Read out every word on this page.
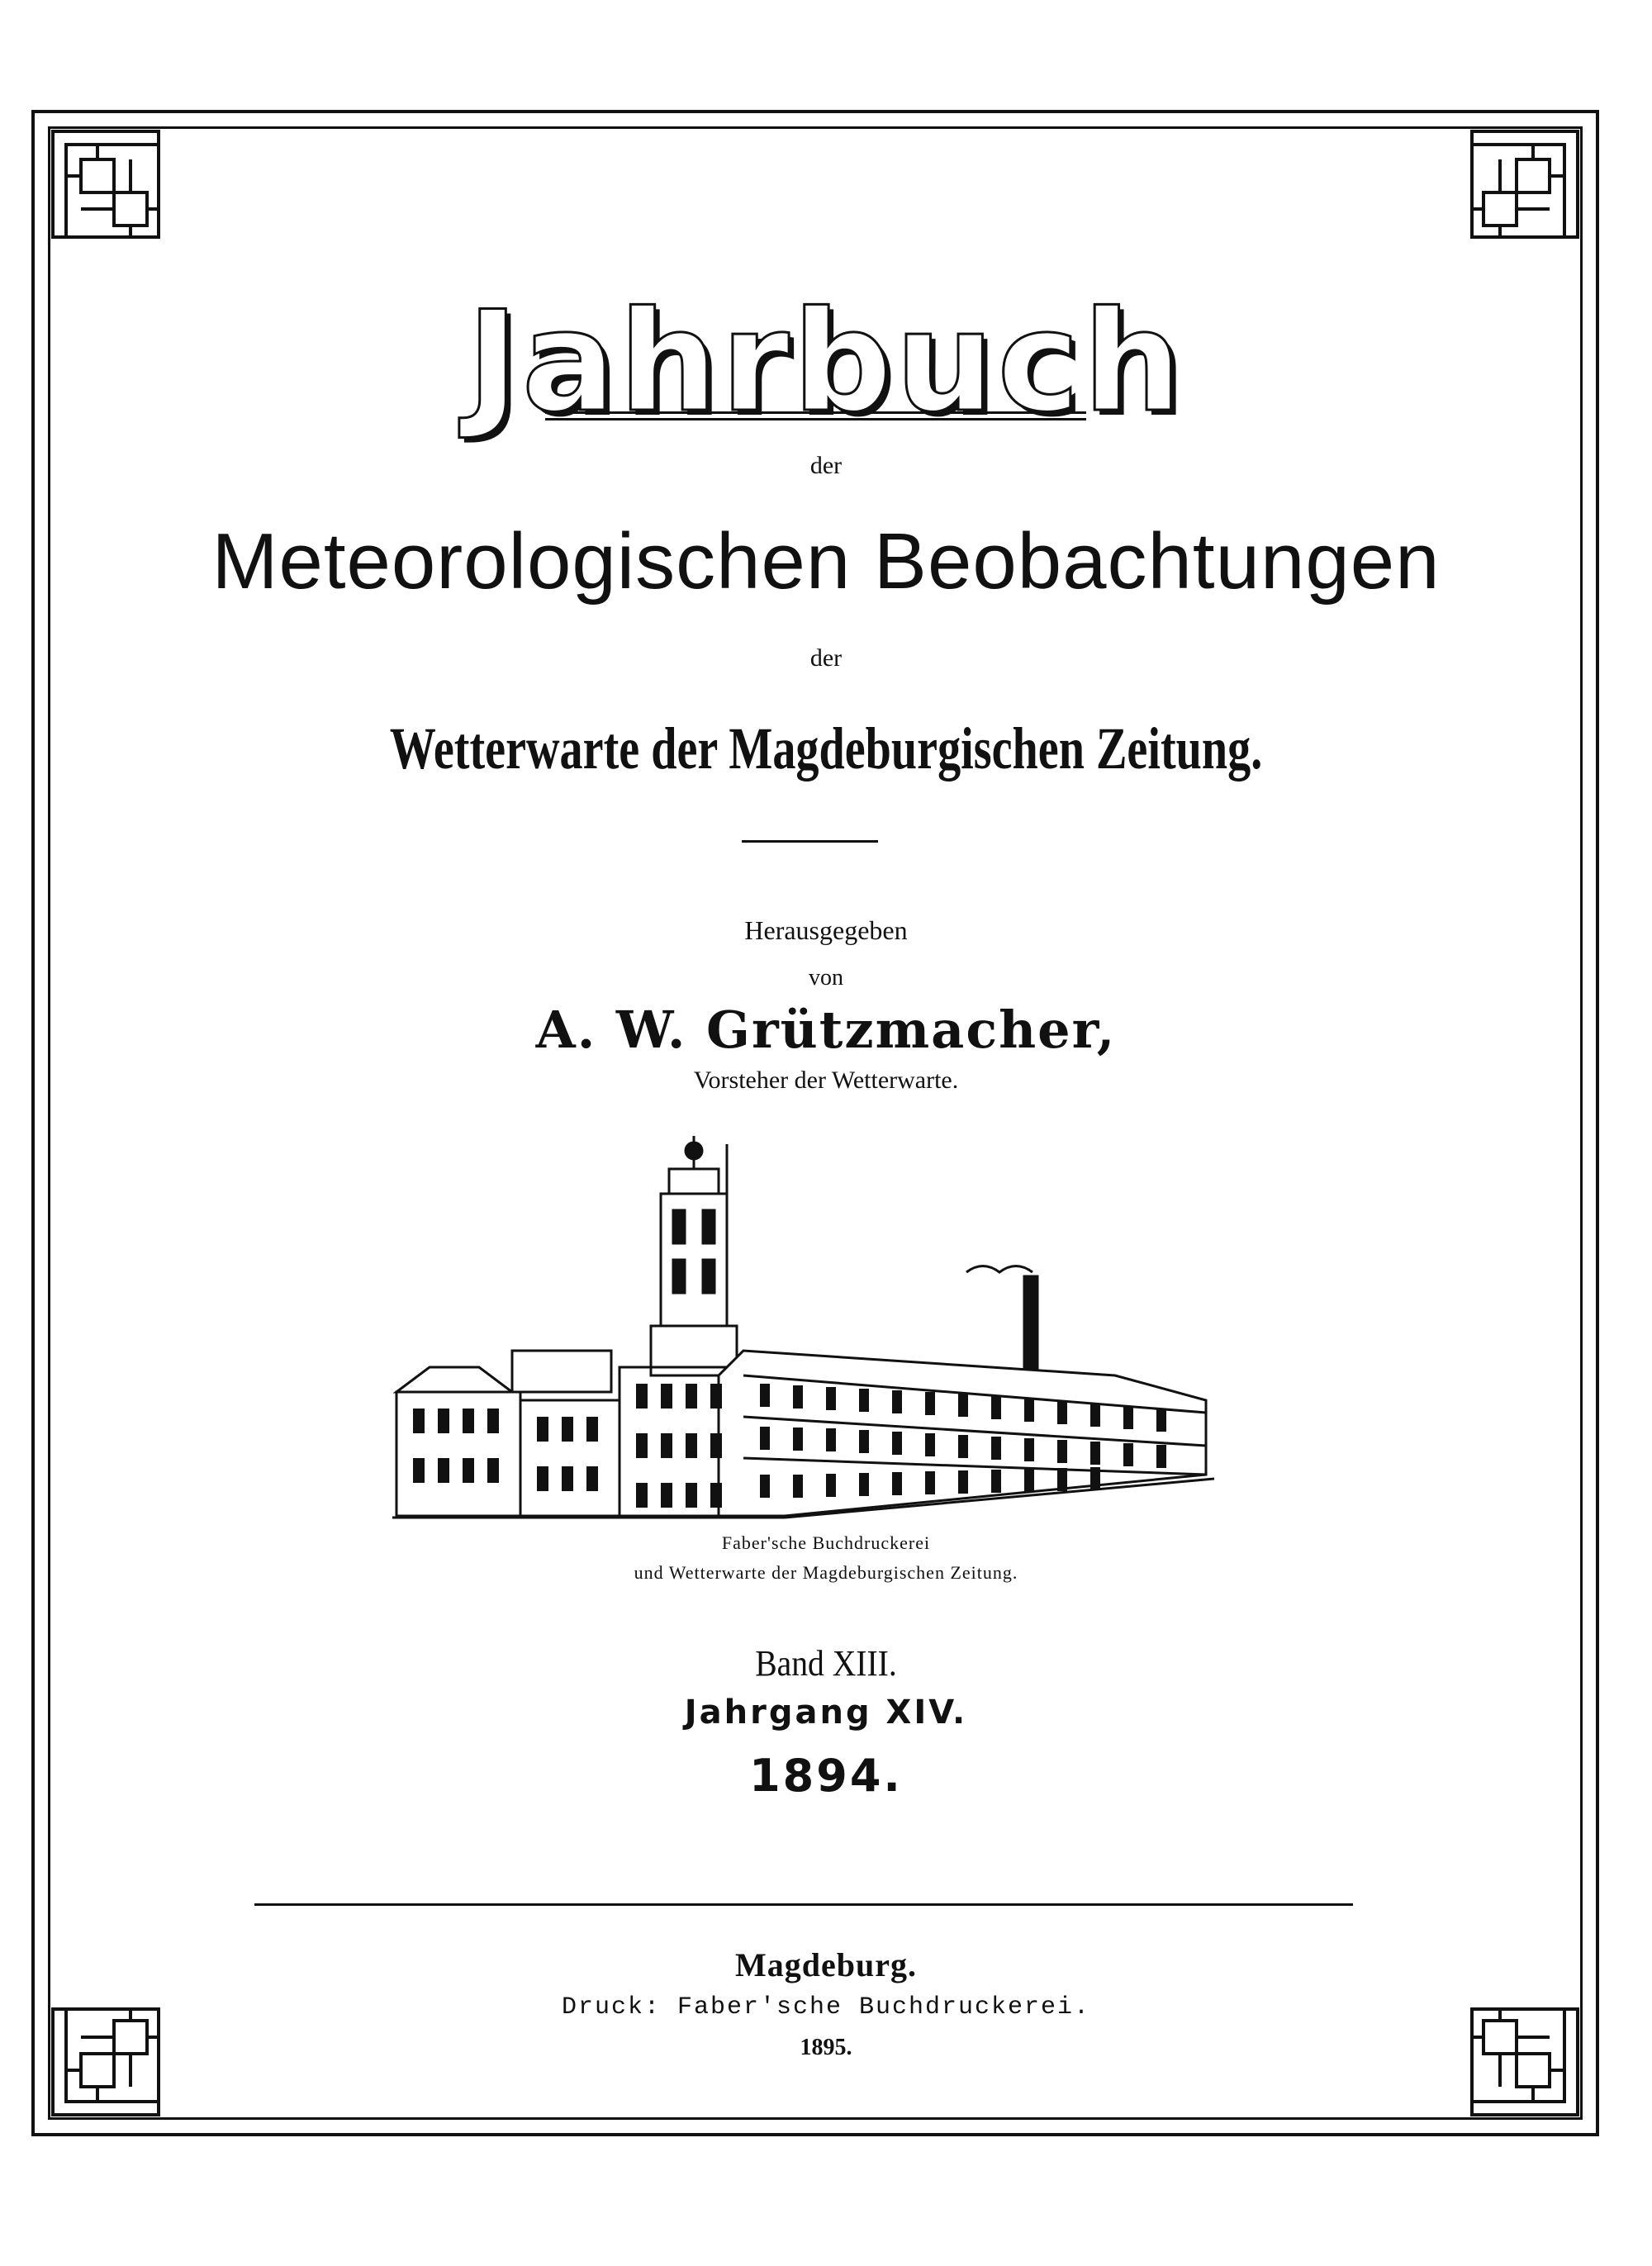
Jahrbuch
der
Meteorologischen Beobachtungen
der
Wetterwarte der Magdeburgischen Zeitung.
Herausgegeben
von
A. W. Grützmacher,
Vorsteher der Wetterwarte.
Faber'sche Buchdruckerei
und Wetterwarte der Magdeburgischen Zeitung.
Band XIII.
Jahrgang XIV.
1894.
Magdeburg.
Druck: Faber'sche Buchdruckerei.
1895.
